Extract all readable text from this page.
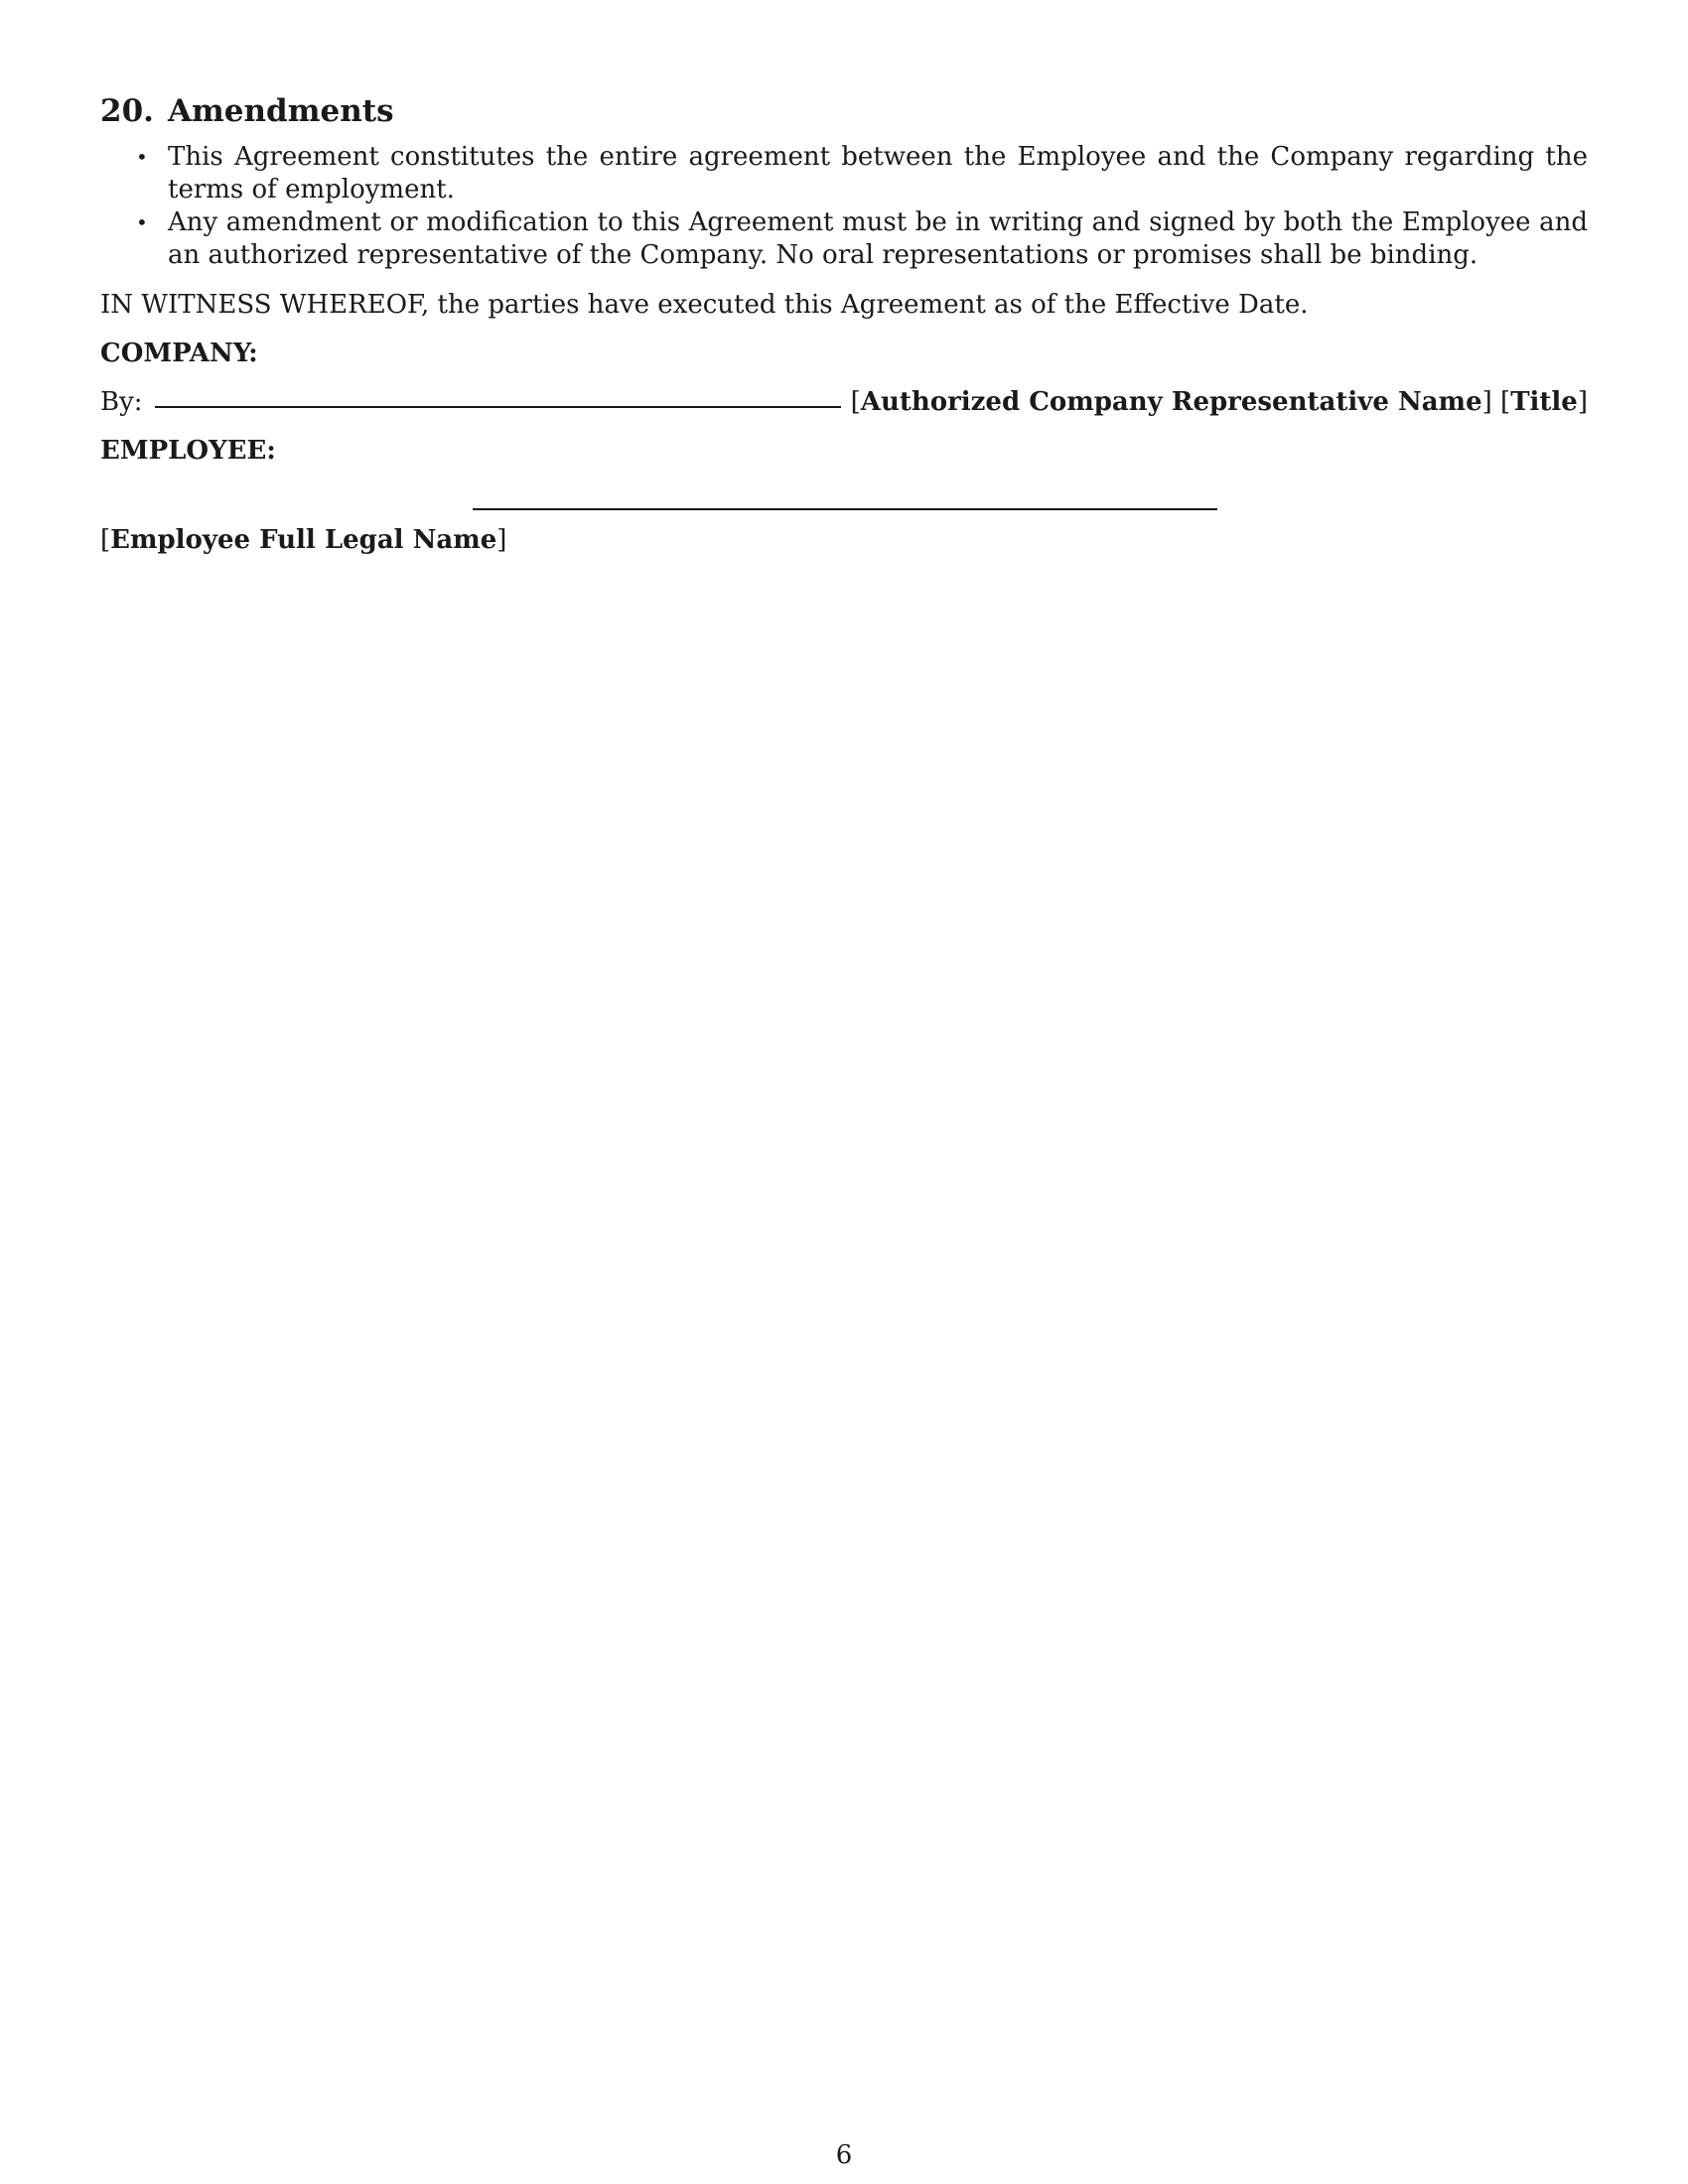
20. Amendments
• This Agreement constitutes the entire agreement between the Employee and the Company regarding the terms of employment.
• Any amendment or modification to this Agreement must be in writing and signed by both the Employee and an authorized representative of the Company. No oral representations or promises shall be binding.
IN WITNESS WHEREOF, the parties have executed this Agreement as of the Effective Date.
COMPANY:
By:	[Authorized Company Representative Name]
[Title]
EMPLOYEE:
[Employee Full Legal Name]
6
